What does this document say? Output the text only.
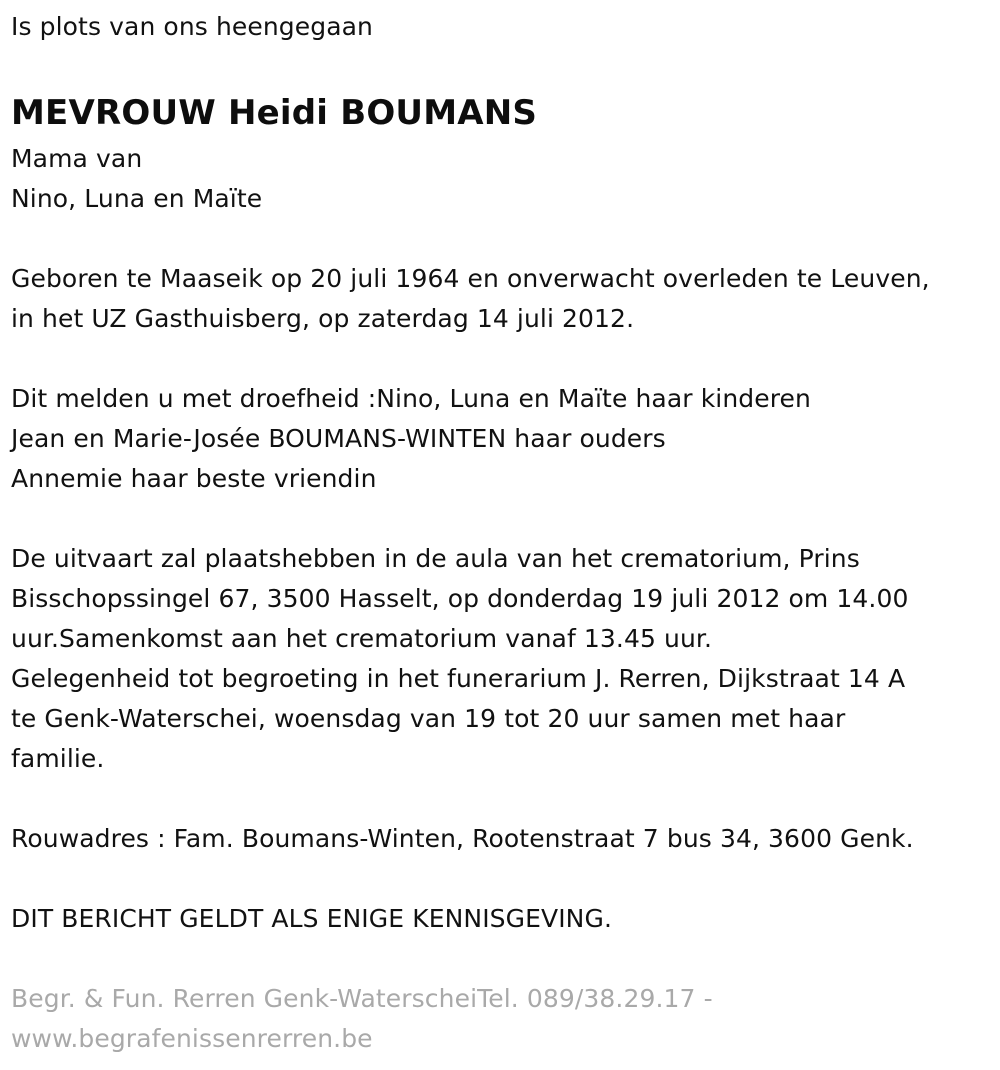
Is plots van ons heengegaan
MEVROUW Heidi BOUMANS
Mama van
Nino, Luna en Maïte
Geboren te Maaseik op 20 juli 1964 en onverwacht overleden te Leuven,
in het UZ Gasthuisberg, op zaterdag 14 juli 2012.
Dit melden u met droefheid :Nino, Luna en Maïte haar kinderen
Jean en Marie-Josée BOUMANS-WINTEN haar ouders
Annemie haar beste vriendin
De uitvaart zal plaatshebben in de aula van het crematorium, Prins
Bisschopssingel 67, 3500 Hasselt, op donderdag 19 juli 2012 om 14.00
uur.Samenkomst aan het crematorium vanaf 13.45 uur.
Gelegenheid tot begroeting in het funerarium J. Rerren, Dijkstraat 14 A
te Genk-Waterschei, woensdag van 19 tot 20 uur samen met haar
familie.
Rouwadres : Fam. Boumans-Winten, Rootenstraat 7 bus 34, 3600 Genk.
DIT BERICHT GELDT ALS ENIGE KENNISGEVING.
Begr. & Fun. Rerren Genk-WaterscheiTel. 089/38.29.17 -
www.begrafenissenrerren.be
